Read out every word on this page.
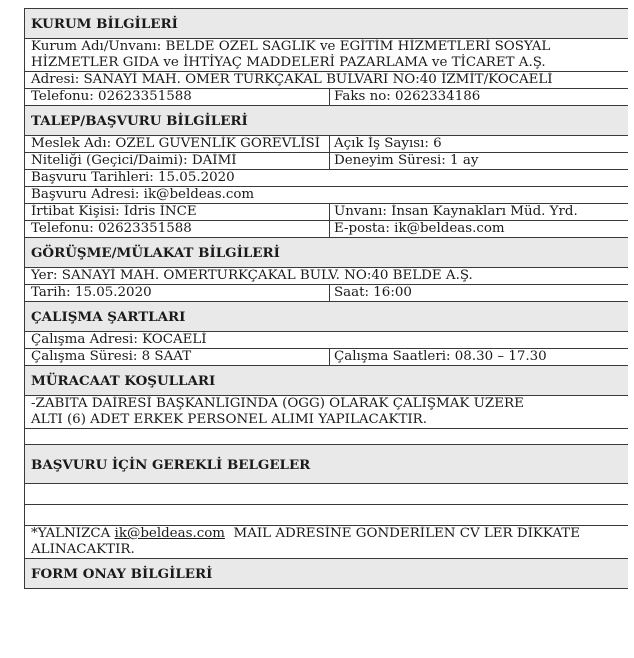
KURUM BİLGİLERİ	

Kurum Adı/Unvanı: BELDE ÖZEL SAĞLIK ve EĞİTİM HİZMETLERİ SOSYAL
HİZMETLER GIDA ve İHTİYAÇ MADDELERİ PAZARLAMA ve TİCARET A.Ş.	

Adresi: SANAYİ MAH. ÖMER TÜRKÇAKAL BULVARI NO:40 İZMİT/KOCAELİ	
Telefonu: 02623351588	Faks no: 0262334186
TALEP/BAŞVURU BİLGİLERİ	
Meslek Adı: ÖZEL GÜVENLİK GÖREVLİSİ	Açık İş Sayısı: 6
Niteliği (Geçici/Daimi): DAİMİ	Deneyim Süresi: 1 ay
Başvuru Tarihleri: 15.05.2020	
Başvuru Adresi: ik@beldeas.com	
İrtibat Kişisi: İdris İNCE	Unvanı: İnsan Kaynakları Müd. Yrd.
Telefonu: 02623351588	E-posta: ik@beldeas.com
GÖRÜŞME/MÜLAKAT BİLGİLERİ	
Yer: SANAYİ MAH. ÖMERTÜRKÇAKAL BULV. NO:40 BELDE A.Ş.	
Tarih: 15.05.2020	Saat: 16:00
ÇALIŞMA ŞARTLARI	
Çalışma Adresi: KOCAELİ	
Çalışma Süresi: 8 SAAT	Çalışma Saatleri: 08.30 – 17.30
MÜRACAAT KOŞULLARI	

-ZABITA DAİRESİ BAŞKANLIĞINDA (ÖGG) OLARAK ÇALIŞMAK ÜZERE
ALTI (6) ADET ERKEK PERSONEL ALIMI YAPILACAKTIR.	

BAŞVURU İÇİN GEREKLİ BELGELER	

*YALNIZCA ik@beldeas.com  MAIL ADRESİNE GÖNDERİLEN CV LER DİKKATE
ALINACAKTIR.	

FORM ONAY BİLGİLERİ	
